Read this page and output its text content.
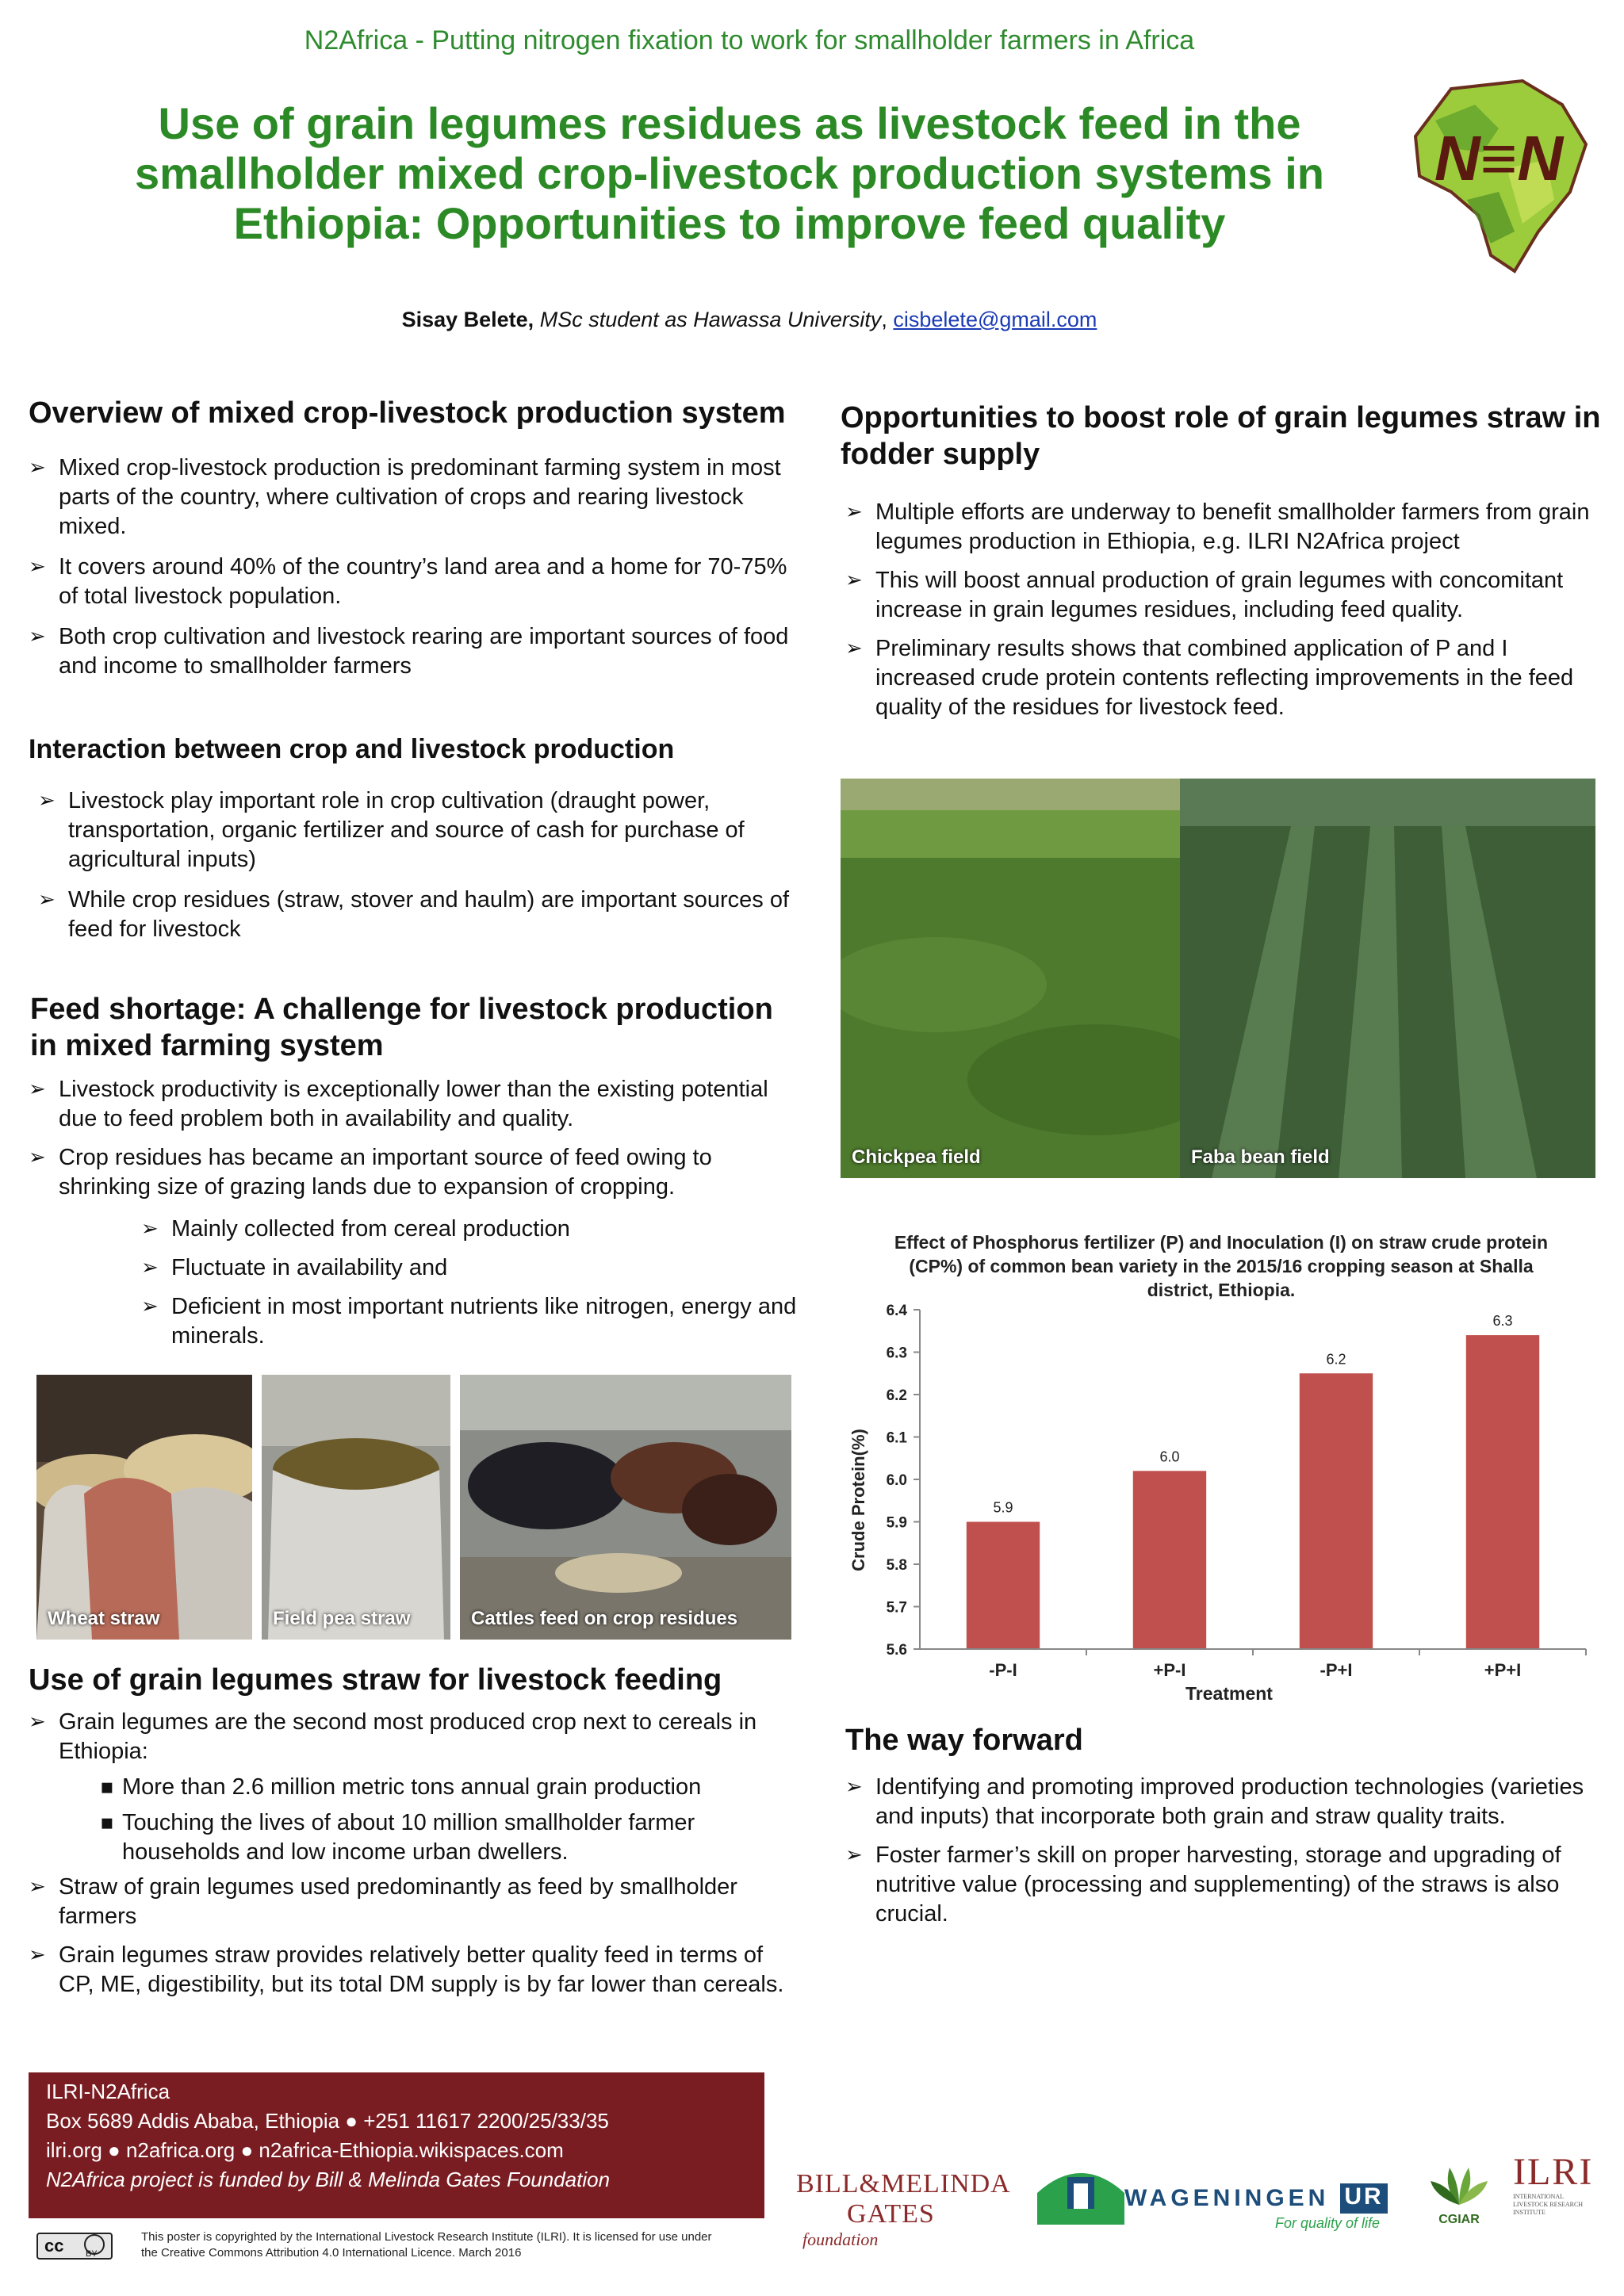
N2Africa - Putting nitrogen fixation to work for smallholder farmers in Africa
Use of grain legumes residues as livestock feed in the
smallholder mixed crop-livestock production systems in
Ethiopia: Opportunities to improve feed quality
Sisay Belete, MSc student as Hawassa University, cisbelete@gmail.com
N≡N
Overview of mixed crop-livestock production system
➢ Mixed crop-livestock production is predominant farming system in most parts of the country, where cultivation of crops and rearing livestock mixed.
➢ It covers around 40% of the country’s land area and a home for 70-75% of total livestock population.
➢ Both crop cultivation and livestock rearing are important sources of food and income to smallholder farmers
Interaction between crop and livestock production
➢ Livestock play important role in crop cultivation (draught power, transportation, organic fertilizer and source of cash for purchase of agricultural inputs)
➢ While crop residues (straw, stover and haulm) are important sources of feed for livestock
Feed shortage: A challenge for livestock production
in mixed farming system
➢ Livestock productivity is exceptionally lower than the existing potential due to feed problem both in availability and quality.
➢ Crop residues has became an important source of feed owing to shrinking size of grazing lands due to expansion of cropping.
➢ Mainly collected from cereal production
➢ Fluctuate in availability and
➢ Deficient in most important nutrients like nitrogen, energy and minerals.
Wheat straw	Field pea straw	Cattles feed on crop residues
Use of grain legumes straw for livestock feeding
➢ Grain legumes are the second most produced crop next to cereals in Ethiopia:
▪ More than 2.6 million metric tons annual grain production
▪ Touching the lives of about 10 million smallholder farmer households and low income urban dwellers.
➢ Straw of grain legumes used predominantly as feed by smallholder farmers
➢ Grain legumes straw provides relatively better quality feed in terms of CP, ME, digestibility, but its total DM supply is by far lower than cereals.
Opportunities to boost role of grain legumes straw in
fodder supply
➢ Multiple efforts are underway to benefit smallholder farmers from grain legumes production in Ethiopia, e.g. ILRI N2Africa project
➢ This will boost annual production of grain legumes with concomitant increase in grain legumes residues, including feed quality.
➢ Preliminary results shows that combined application of P and I increased crude protein contents reflecting improvements in the feed quality of the residues for livestock feed.
Chickpea field	Faba bean field
Effect of Phosphorus fertilizer (P) and Inoculation (I) on straw crude protein
(CP%) of common bean variety in the 2015/16 cropping season at Shalla
district, Ethiopia.
5.6
5.7
5.8
5.9
6.0
6.1
6.2
6.3
6.4
5.9
6.0
6.2
6.3
-P-I	+P-I	-P+I	+P+I
Crude Protein(%)
Treatment
The way forward
➢ Identifying and promoting improved production technologies (varieties and inputs) that incorporate both grain and straw quality traits.
➢ Foster farmer’s skill on proper harvesting, storage and upgrading of nutritive value (processing and supplementing) of the straws is also crucial.
ILRI-N2Africa
Box 5689 Addis Ababa, Ethiopia ● +251 11617 2200/25/33/35
ilri.org ● n2africa.org ● n2africa-Ethiopia.wikispaces.com
N2Africa project is funded by Bill & Melinda Gates Foundation
cc	BY
This poster is copyrighted by the International Livestock Research Institute (ILRI). It is licensed for use under
the Creative Commons Attribution 4.0 International Licence. March 2016
BILL&MELINDA
GATES foundation
WAGENINGEN UR
For quality of life	CGIAR
ILRI
INTERNATIONAL
LIVESTOCK RESEARCH
INSTITUTE
